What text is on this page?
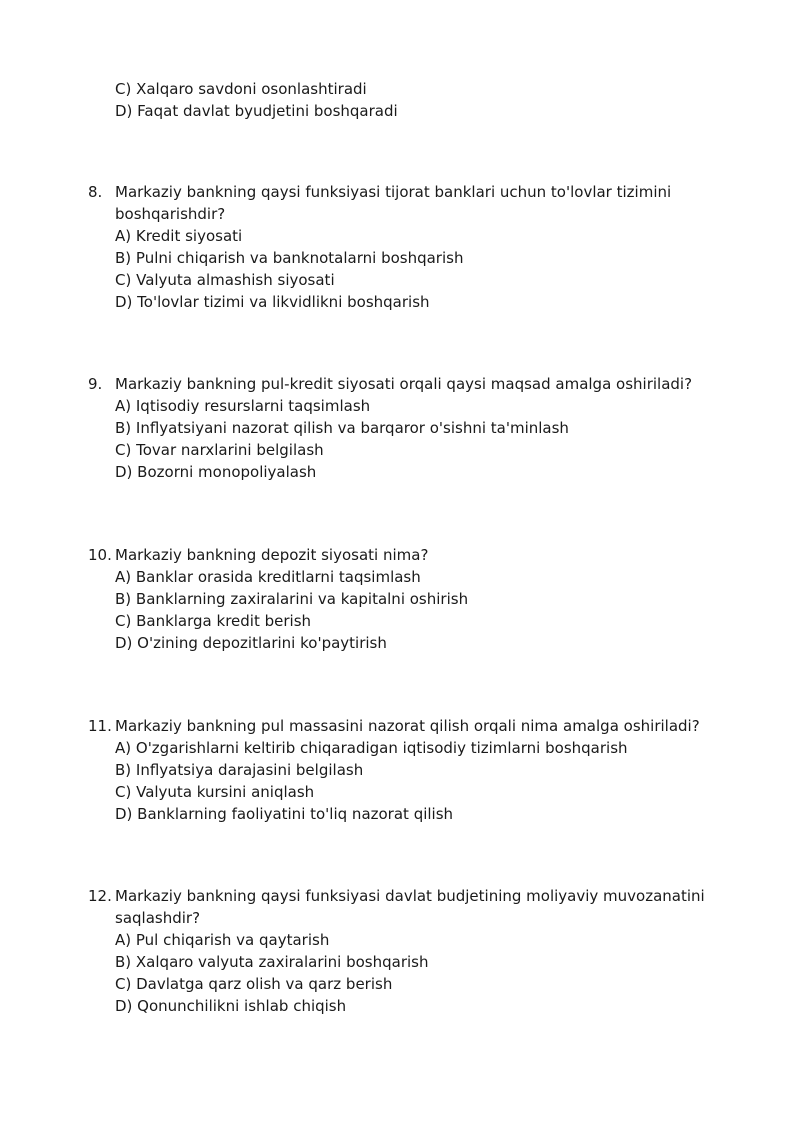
C) Xalqaro savdoni osonlashtiradi
D) Faqat davlat byudjetini boshqaradi
8. Markaziy bankning qaysi funksiyasi tijorat banklari uchun to'lovlar tizimini boshqarishdir?

A) Kredit siyosati
B) Pulni chiqarish va banknotalarni boshqarish
C) Valyuta almashish siyosati
D) To'lovlar tizimi va likvidlikni boshqarish
9. Markaziy bankning pul-kredit siyosati orqali qaysi maqsad amalga oshiriladi?

A) Iqtisodiy resurslarni taqsimlash
B) Inflyatsiyani nazorat qilish va barqaror o'sishni ta'minlash
C) Tovar narxlarini belgilash
D) Bozorni monopoliyalash
10. Markaziy bankning depozit siyosati nima?

A) Banklar orasida kreditlarni taqsimlash
B) Banklarning zaxiralarini va kapitalni oshirish
C) Banklarga kredit berish
D) O'zining depozitlarini ko'paytirish
11. Markaziy bankning pul massasini nazorat qilish orqali nima amalga oshiriladi?

A) O'zgarishlarni keltirib chiqaradigan iqtisodiy tizimlarni boshqarish
B) Inflyatsiya darajasini belgilash
C) Valyuta kursini aniqlash
D) Banklarning faoliyatini to'liq nazorat qilish
12. Markaziy bankning qaysi funksiyasi davlat budjetining moliyaviy muvozanatini saqlashdir?

A) Pul chiqarish va qaytarish
B) Xalqaro valyuta zaxiralarini boshqarish
C) Davlatga qarz olish va qarz berish
D) Qonunchilikni ishlab chiqish
